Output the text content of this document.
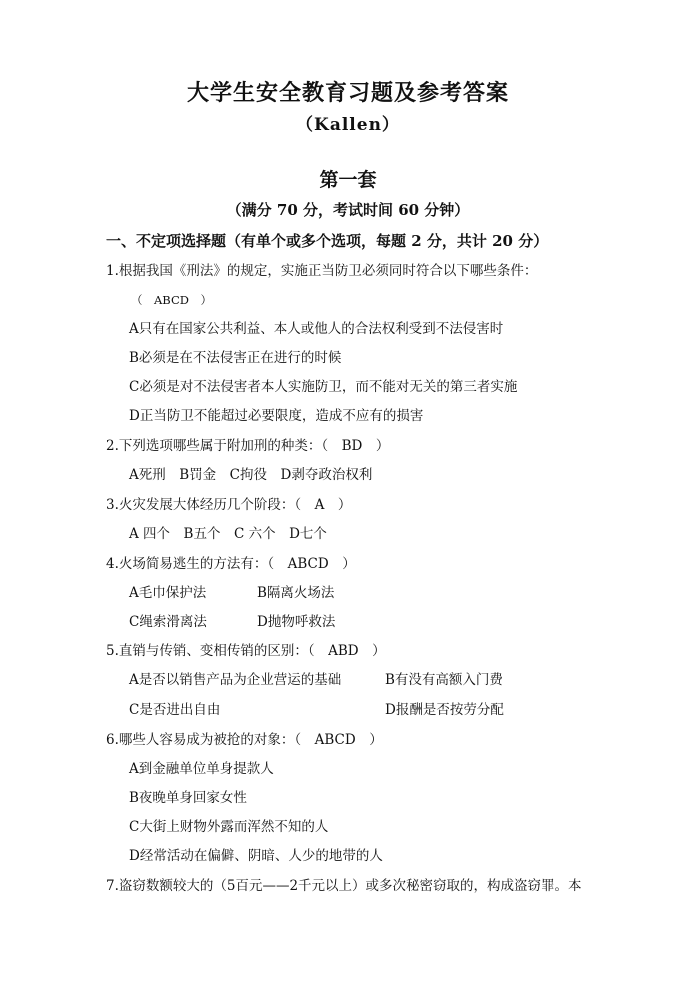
大学生安全教育习题及参考答案
（Kallen）
第一套
（满分 70 分，考试时间 60 分钟）
一、不定项选择题（有单个或多个选项，每题 2 分，共计 20 分）
1.根据我国《刑法》的规定，实施正当防卫必须同时符合以下哪些条件：
（　ABCD　）
A只有在国家公共利益、本人或他人的合法权利受到不法侵害时
B必须是在不法侵害正在进行的时候
C必须是对不法侵害者本人实施防卫，而不能对无关的第三者实施
D正当防卫不能超过必要限度，造成不应有的损害
2.下列选项哪些属于附加刑的种类：（　BD　）
A死刑　B罚金　C拘役　D剥夺政治权利
3.火灾发展大体经历几个阶段：（　A　）
A 四个　B五个　C 六个　D七个
4.火场简易逃生的方法有：（　ABCD　）
A毛巾保护法	B隔离火场法
C绳索滑离法	D抛物呼救法
5.直销与传销、变相传销的区别：（　ABD　）
A是否以销售产品为企业营运的基础	B有没有高额入门费
C是否进出自由	D报酬是否按劳分配
6.哪些人容易成为被抢的对象：（　ABCD　）
A到金融单位单身提款人
B夜晚单身回家女性
C大街上财物外露而浑然不知的人
D经常活动在偏僻、阴暗、人少的地带的人
7.盗窃数额较大的（5百元——2千元以上）或多次秘密窃取的，构成盗窃罪。本
